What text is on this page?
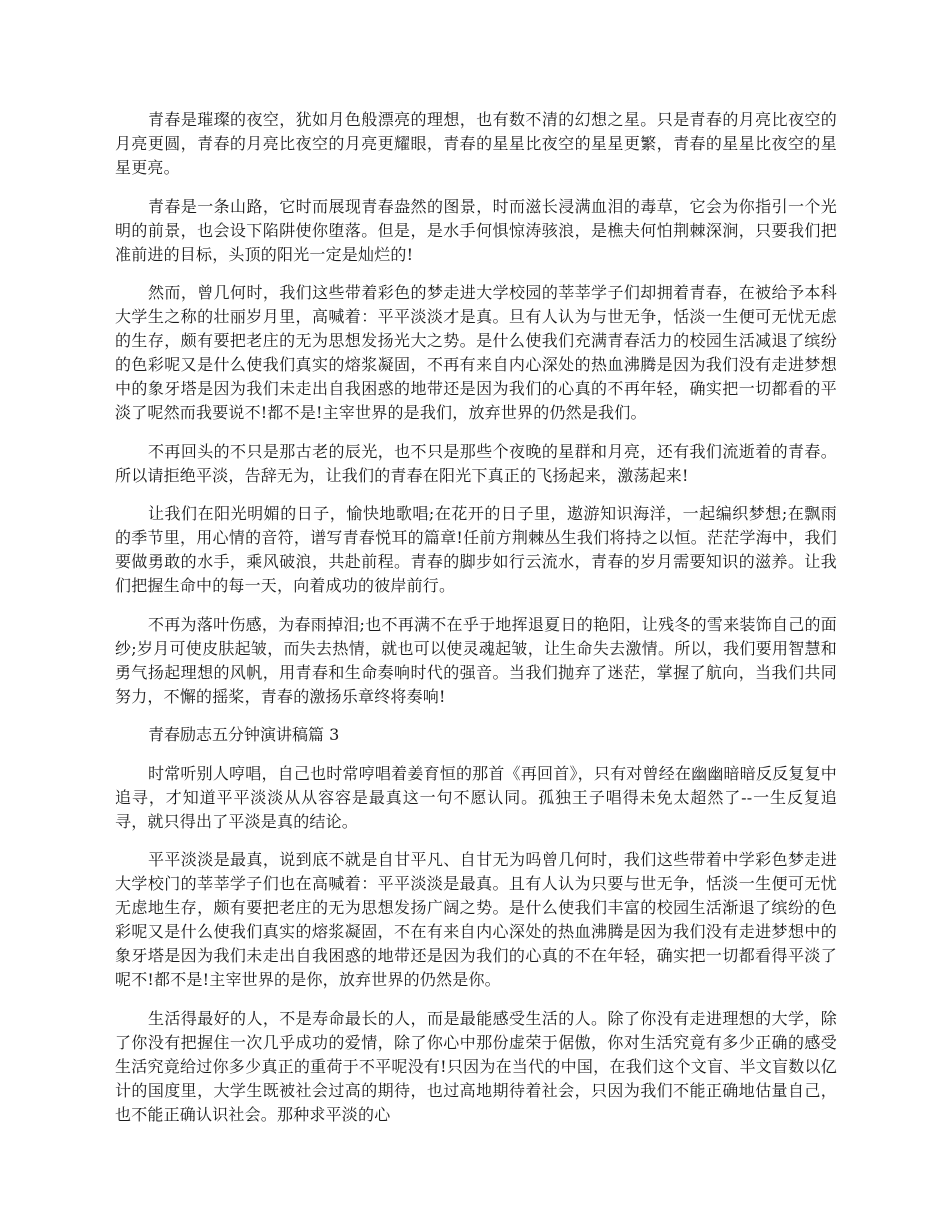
青春是璀璨的夜空，犹如月色般漂亮的理想，也有数不清的幻想之星。只是青春的月亮比夜空的月亮更圆，青春的月亮比夜空的月亮更耀眼，青春的星星比夜空的星星更繁，青春的星星比夜空的星星更亮。

青春是一条山路，它时而展现青春盎然的图景，时而滋长浸满血泪的毒草，它会为你指引一个光明的前景，也会设下陷阱使你堕落。但是，是水手何惧惊涛骇浪，是樵夫何怕荆棘深涧，只要我们把准前进的目标，头顶的阳光一定是灿烂的!

然而，曾几何时，我们这些带着彩色的梦走进大学校园的莘莘学子们却拥着青春，在被给予本科大学生之称的壮丽岁月里，高喊着：平平淡淡才是真。旦有人认为与世无争，恬淡一生便可无忧无虑的生存，颇有要把老庄的无为思想发扬光大之势。是什么使我们充满青春活力的校园生活减退了缤纷的色彩呢又是什么使我们真实的熔浆凝固，不再有来自内心深处的热血沸腾是因为我们没有走进梦想中的象牙塔是因为我们未走出自我困惑的地带还是因为我们的心真的不再年轻，确实把一切都看的平淡了呢然而我要说不!都不是!主宰世界的是我们，放弃世界的仍然是我们。

不再回头的不只是那古老的辰光，也不只是那些个夜晚的星群和月亮，还有我们流逝着的青春。所以请拒绝平淡，告辞无为，让我们的青春在阳光下真正的飞扬起来，激荡起来!

让我们在阳光明媚的日子，愉快地歌唱;在花开的日子里，遨游知识海洋，一起编织梦想;在飘雨的季节里，用心情的音符，谱写青春悦耳的篇章!任前方荆棘丛生我们将持之以恒。茫茫学海中，我们要做勇敢的水手，乘风破浪，共赴前程。青春的脚步如行云流水，青春的岁月需要知识的滋养。让我们把握生命中的每一天，向着成功的彼岸前行。

不再为落叶伤感，为春雨掉泪;也不再满不在乎于地挥退夏日的艳阳，让残冬的雪来装饰自己的面纱;岁月可使皮肤起皱，而失去热情，就也可以使灵魂起皱，让生命失去激情。所以，我们要用智慧和勇气扬起理想的风帆，用青春和生命奏响时代的强音。当我们抛弃了迷茫，掌握了航向，当我们共同努力，不懈的摇桨，青春的激扬乐章终将奏响!

青春励志五分钟演讲稿篇 3

时常听别人哼唱，自己也时常哼唱着姜育恒的那首《再回首》，只有对曾经在幽幽暗暗反反复复中追寻，才知道平平淡淡从从容容是最真这一句不愿认同。孤独王子唱得未免太超然了--一生反复追寻，就只得出了平淡是真的结论。

平平淡淡是最真，说到底不就是自甘平凡、自甘无为吗曾几何时，我们这些带着中学彩色梦走进大学校门的莘莘学子们也在高喊着：平平淡淡是最真。且有人认为只要与世无争，恬淡一生便可无忧无虑地生存，颇有要把老庄的无为思想发扬广阔之势。是什么使我们丰富的校园生活渐退了缤纷的色彩呢又是什么使我们真实的熔浆凝固，不在有来自内心深处的热血沸腾是因为我们没有走进梦想中的象牙塔是因为我们未走出自我困惑的地带还是因为我们的心真的不在年轻，确实把一切都看得平淡了呢不!都不是!主宰世界的是你，放弃世界的仍然是你。

生活得最好的人，不是寿命最长的人，而是最能感受生活的人。除了你没有走进理想的大学，除了你没有把握住一次几乎成功的爱情，除了你心中那份虚荣于倨傲，你对生活究竟有多少正确的感受生活究竟给过你多少真正的重荷于不平呢没有!只因为在当代的中国，在我们这个文盲、半文盲数以亿计的国度里，大学生既被社会过高的期待，也过高地期待着社会，只因为我们不能正确地估量自己，也不能正确认识社会。那种求平淡的心
